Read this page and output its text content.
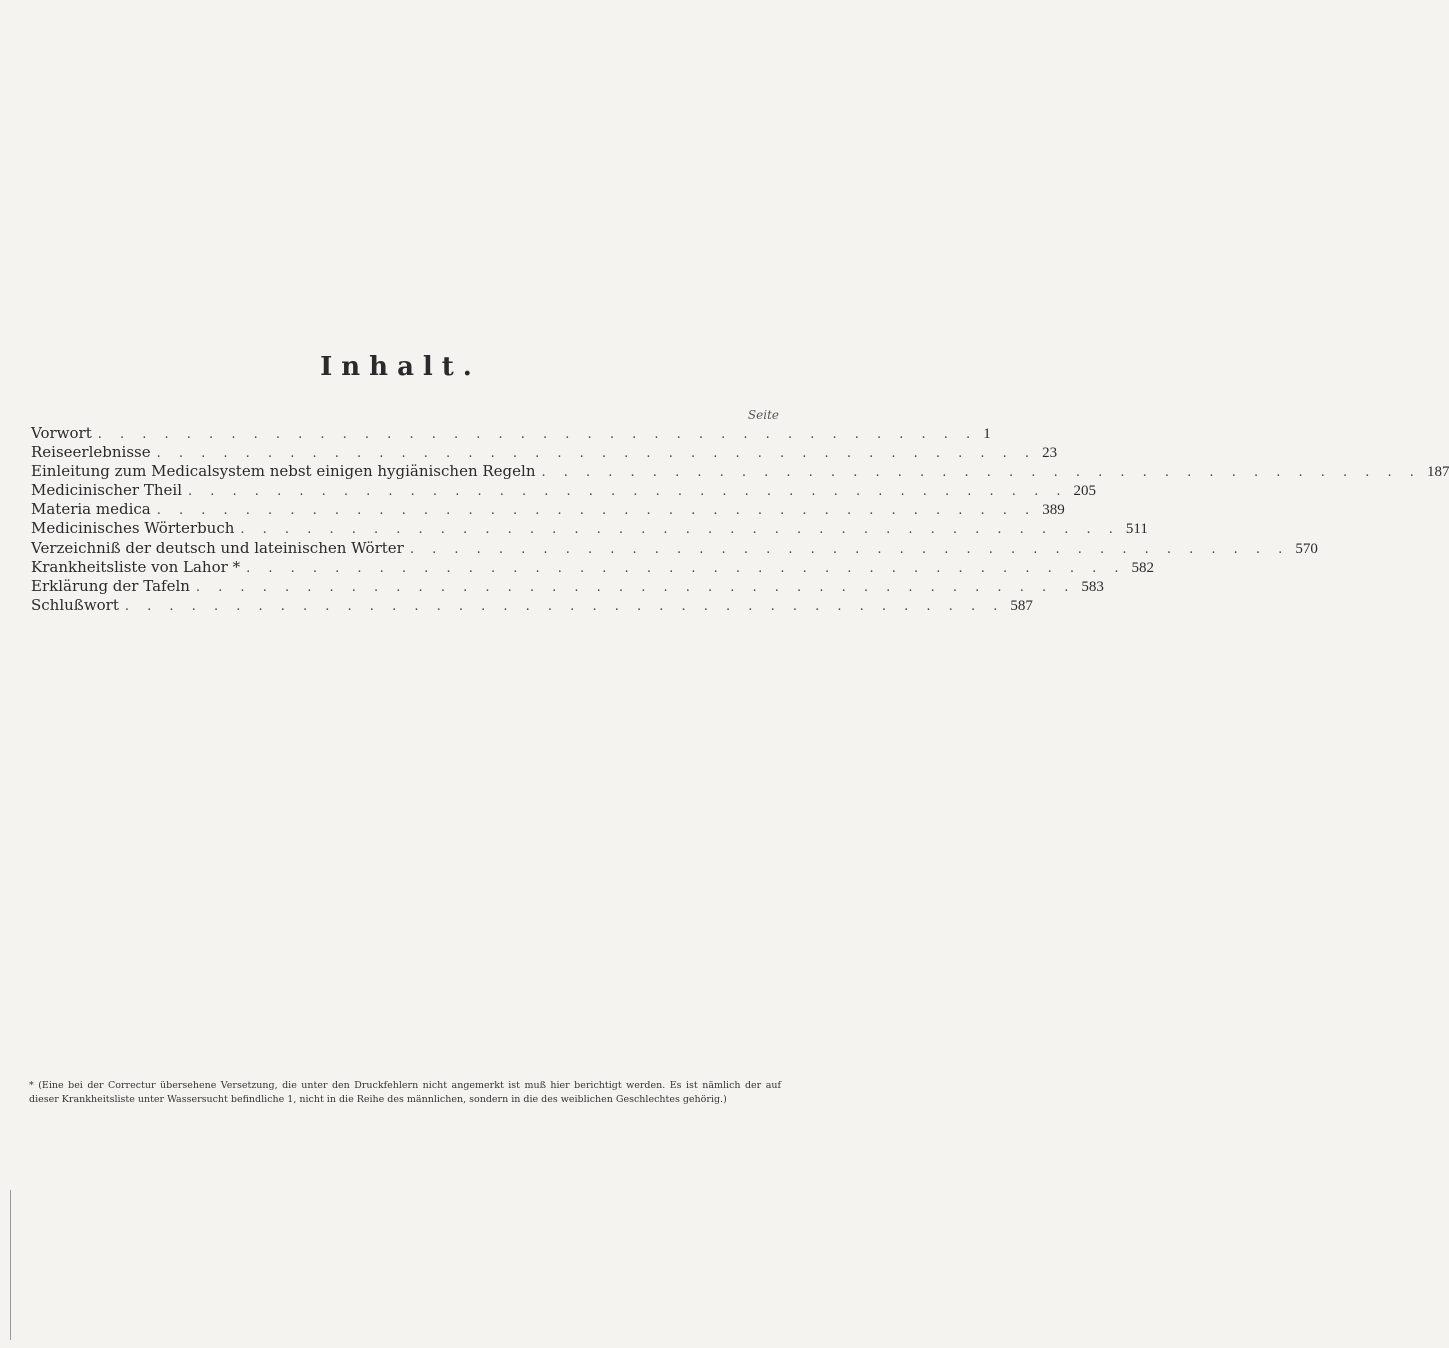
Inhalt.
Seite
Vorwort . . . . . . . . . . . . . . . . . . . . . . . . . . . . . . . . . . . . . . . . 1
Reiseerlebnisse . . . . . . . . . . . . . . . . . . . . . . . . . . . . . . . . . . . . . . . . 23
Einleitung zum Medicalsystem nebst einigen hygiänischen Regeln . . . . . . . . . . . . . . . . . . . . . . . . . . . . . . . . . . . . . . . . 187
Medicinischer Theil . . . . . . . . . . . . . . . . . . . . . . . . . . . . . . . . . . . . . . . . 205
Materia medica . . . . . . . . . . . . . . . . . . . . . . . . . . . . . . . . . . . . . . . . 389
Medicinisches Wörterbuch . . . . . . . . . . . . . . . . . . . . . . . . . . . . . . . . . . . . . . . . 511
Verzeichniß der deutsch und lateinischen Wörter . . . . . . . . . . . . . . . . . . . . . . . . . . . . . . . . . . . . . . . . 570
Krankheitsliste von Lahor * . . . . . . . . . . . . . . . . . . . . . . . . . . . . . . . . . . . . . . . . 582
Erklärung der Tafeln . . . . . . . . . . . . . . . . . . . . . . . . . . . . . . . . . . . . . . . . 583
Schlußwort . . . . . . . . . . . . . . . . . . . . . . . . . . . . . . . . . . . . . . . . 587
* (Eine bei der Correctur übersehene Versetzung, die unter den Druckfehlern nicht angemerkt ist muß hier berichtigt werden. Es ist nämlich der auf dieser Krankheitsliste unter Wassersucht befindliche 1, nicht in die Reihe des männlichen, sondern in die des weiblichen Geschlechtes gehörig.)
